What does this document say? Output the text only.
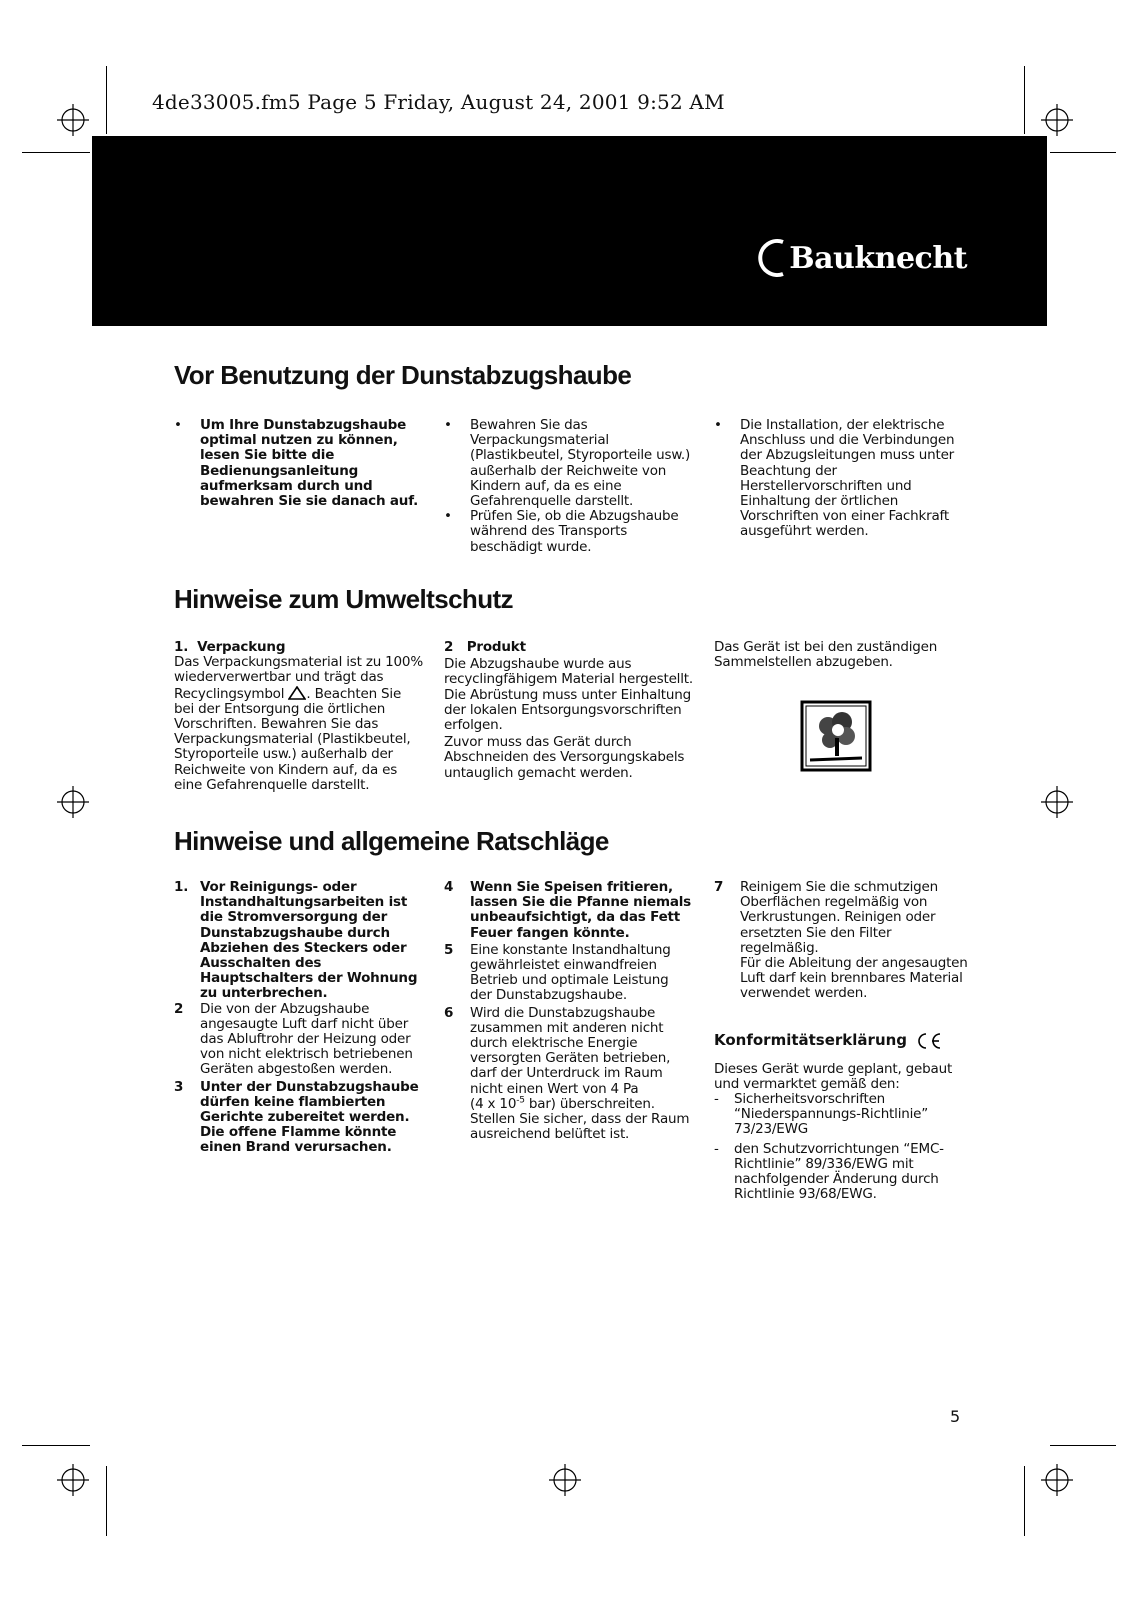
4de33005.fm5 Page 5 Friday, August 24, 2001 9:52 AM
Bauknecht
Vor Benutzung der Dunstabzugshaube
•	Um Ihre Dunstabzugshaube optimal nutzen zu können, lesen Sie bitte die Bedienungsanleitung aufmerksam durch und bewahren Sie sie danach auf.
•	Bewahren Sie das Verpackungsmaterial (Plastikbeutel, Styroporteile usw.) außerhalb der Reichweite von Kindern auf, da es eine Gefahrenquelle darstellt.
•	Prüfen Sie, ob die Abzugshaube während des Transports beschädigt wurde.
•	Die Installation, der elektrische Anschluss und die Verbindungen der Abzugsleitungen muss unter Beachtung der Herstellervorschriften und Einhaltung der örtlichen Vorschriften von einer Fachkraft ausgeführt werden.
Hinweise zum Umweltschutz

1.  Verpackung

Das Verpackungsmaterial ist zu 100% wiederverwertbar und trägt das Recyclingsymbol . Beachten Sie bei der Entsorgung die örtlichen Vorschriften. Bewahren Sie das Verpackungsmaterial (Plastikbeutel, Styroporteile usw.) außerhalb der Reichweite von Kindern auf, da es eine Gefahrenquelle darstellt.

2   Produkt

Die Abzugshaube wurde aus recyclingfähigem Material hergestellt. Die Abrüstung muss unter Einhaltung der lokalen Entsorgungsvorschriften erfolgen.

Zuvor muss das Gerät durch Abschneiden des Versorgungskabels untauglich gemacht werden.

Das Gerät ist bei den zuständigen Sammelstellen abzugeben.

Hinweise und allgemeine Ratschläge
1. Vor Reinigungs- oder Instandhaltungsarbeiten ist die Stromversorgung der Dunstabzugshaube durch Abziehen des Steckers oder Ausschalten des Hauptschalters der Wohnung zu unterbrechen.
2	Die von der Abzugshaube angesaugte Luft darf nicht über das Abluftrohr der Heizung oder von nicht elektrisch betriebenen Geräten abgestoßen werden.
3	Unter der Dunstabzugshaube dürfen keine flambierten Gerichte zubereitet werden. Die offene Flamme könnte einen Brand verursachen.
4	Wenn Sie Speisen fritieren, lassen Sie die Pfanne niemals unbeaufsichtigt, da das Fett Feuer fangen könnte.
5	Eine konstante Instandhaltung gewährleistet einwandfreien Betrieb und optimale Leistung der Dunstabzugshaube.
6	Wird die Dunstabzugshaube zusammen mit anderen nicht durch elektrische Energie versorgten Geräten betrieben, darf der Unterdruck im Raum nicht einen Wert von 4 Pa
(4 x $10^{-5}$ bar) überschreiten. Stellen Sie sicher, dass der Raum ausreichend belüftet ist.
7	Reinigem Sie die schmutzigen Oberflächen regelmäßig von Verkrustungen. Reinigen oder ersetzten Sie den Filter regelmäßig.
Für die Ableitung der angesaugten Luft darf kein brennbares Material verwendet werden.
Konformitätserklärung

Dieses Gerät wurde geplant, gebaut und vermarktet gemäß den:

-	Sicherheitsvorschriften “Niederspannungs-Richtlinie” 73/23/EWG
-	den Schutzvorrichtungen “EMC-Richtlinie” 89/336/EWG mit nachfolgender Änderung durch Richtlinie 93/68/EWG.
5
